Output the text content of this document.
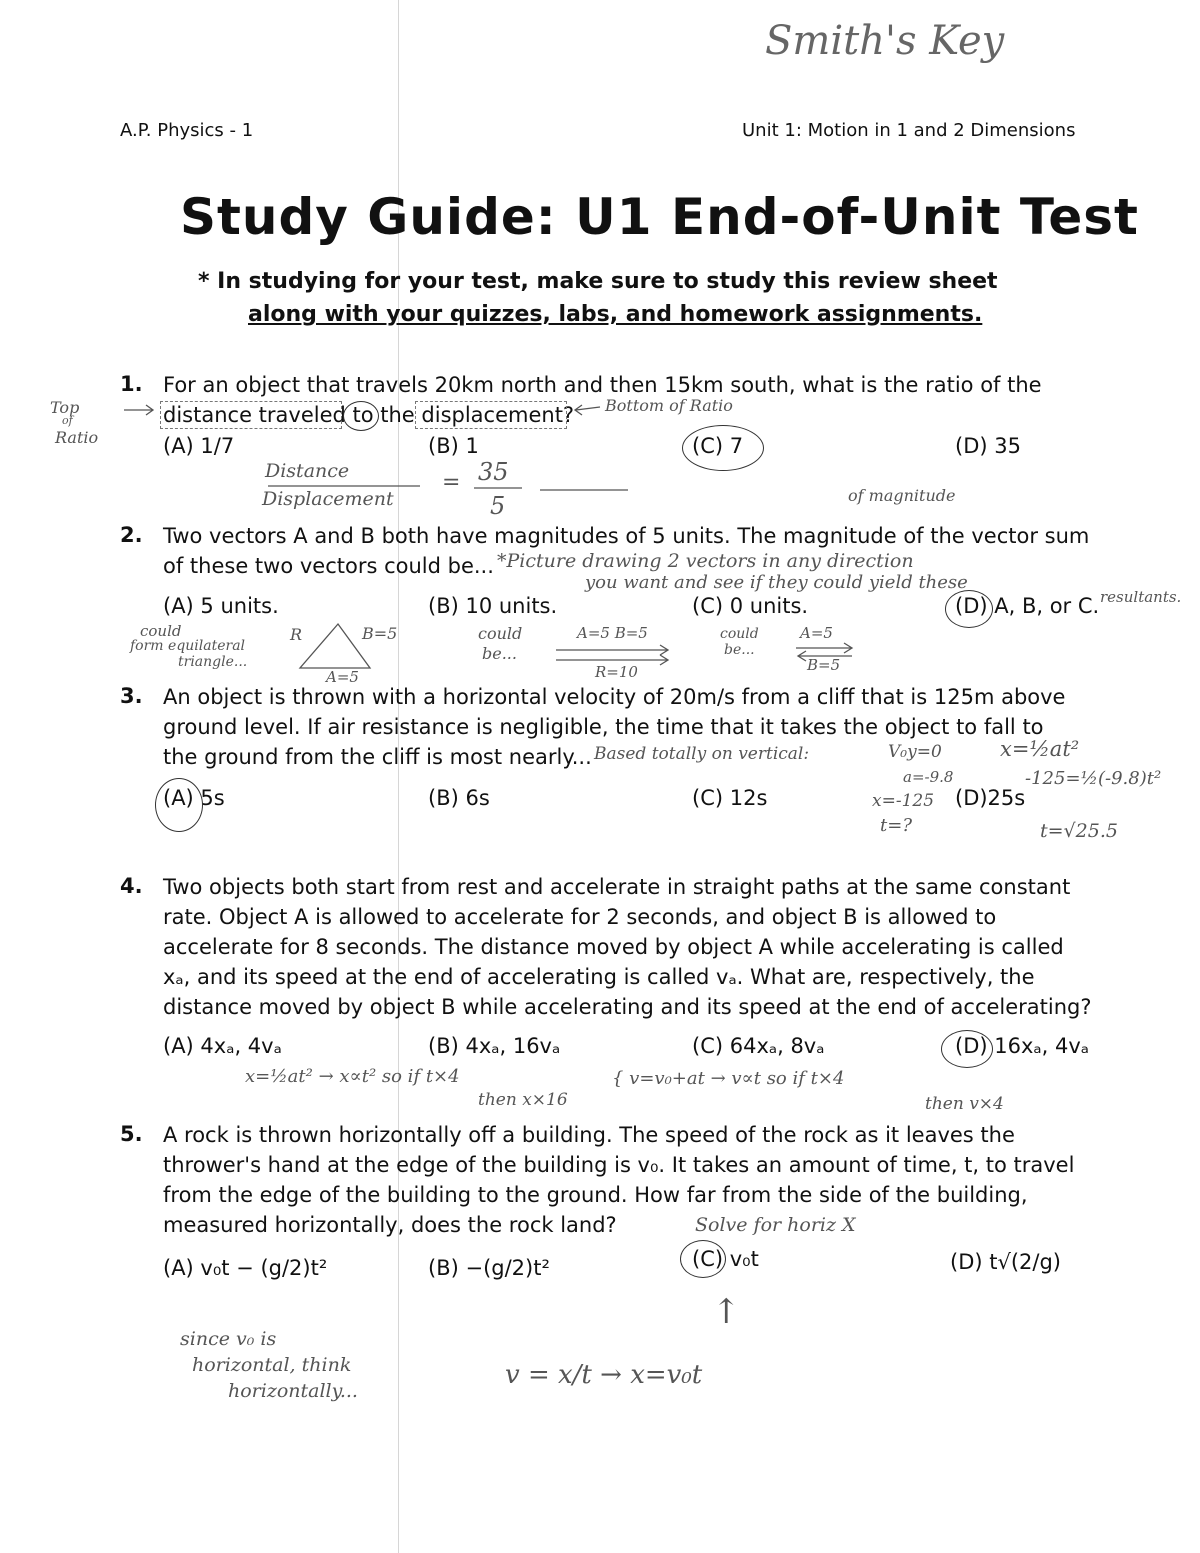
Smith's Key
A.P. Physics - 1	Unit 1: Motion in 1 and 2 Dimensions
Study Guide: U1 End-of-Unit Test
* In studying for your test, make sure to study this review sheet
along with your quizzes, labs, and homework assignments.
1. For an object that travels 20km north and then 15km south, what is the ratio of the
distance traveled to the displacement?
(A) 1/7	(B) 1	(C) 7	(D) 35
Top
of
Ratio
Bottom of Ratio
Distance
Displacement
= 35
5	of magnitude
2. Two vectors A and B both have magnitudes of 5 units. The magnitude of the vector sum
of these two vectors could be... *Picture drawing 2 vectors in any direction
you want and see if they could yield these
resultants.
(A) 5 units.	(B) 10 units.	(C) 0 units.	(D) A, B, or C.
could
form equilateral
triangle...
R	B=5
A=5
could
be...
A=5 B=5
R=10
could
be...
A=5
B=5
3. An object is thrown with a horizontal velocity of 20m/s from a cliff that is 125m above
ground level. If air resistance is negligible, the time that it takes the object to fall to
the ground from the cliff is most nearly... Based totally on vertical:	V₀y=0	x=½at²
a=-9.8
x=-125
t=?
-125=½(-9.8)t²
t=√25.5
(A) 5s	(B) 6s	(C) 12s	(D)25s
4. Two objects both start from rest and accelerate in straight paths at the same constant
rate. Object A is allowed to accelerate for 2 seconds, and object B is allowed to
accelerate for 8 seconds. The distance moved by object A while accelerating is called
xₐ, and its speed at the end of accelerating is called vₐ. What are, respectively, the
distance moved by object B while accelerating and its speed at the end of accelerating?
(A) 4xₐ, 4vₐ	(B) 4xₐ, 16vₐ	(C) 64xₐ, 8vₐ	(D) 16xₐ, 4vₐ
x=½at² → x∝t² so if t×4
then x×16
{ v=v₀+at → v∝t so if t×4
then v×4
5. A rock is thrown horizontally off a building. The speed of the rock as it leaves the
thrower's hand at the edge of the building is v₀. It takes an amount of time, t, to travel
from the edge of the building to the ground. How far from the side of the building,
measured horizontally, does the rock land?	Solve for horiz X
(A) v₀t − (g/2)t²	(B) −(g/2)t²	(C) v₀t	(D) t√(2/g)
↑
since v₀ is
horizontal, think
horizontally...
v = x/t → x=v₀t
